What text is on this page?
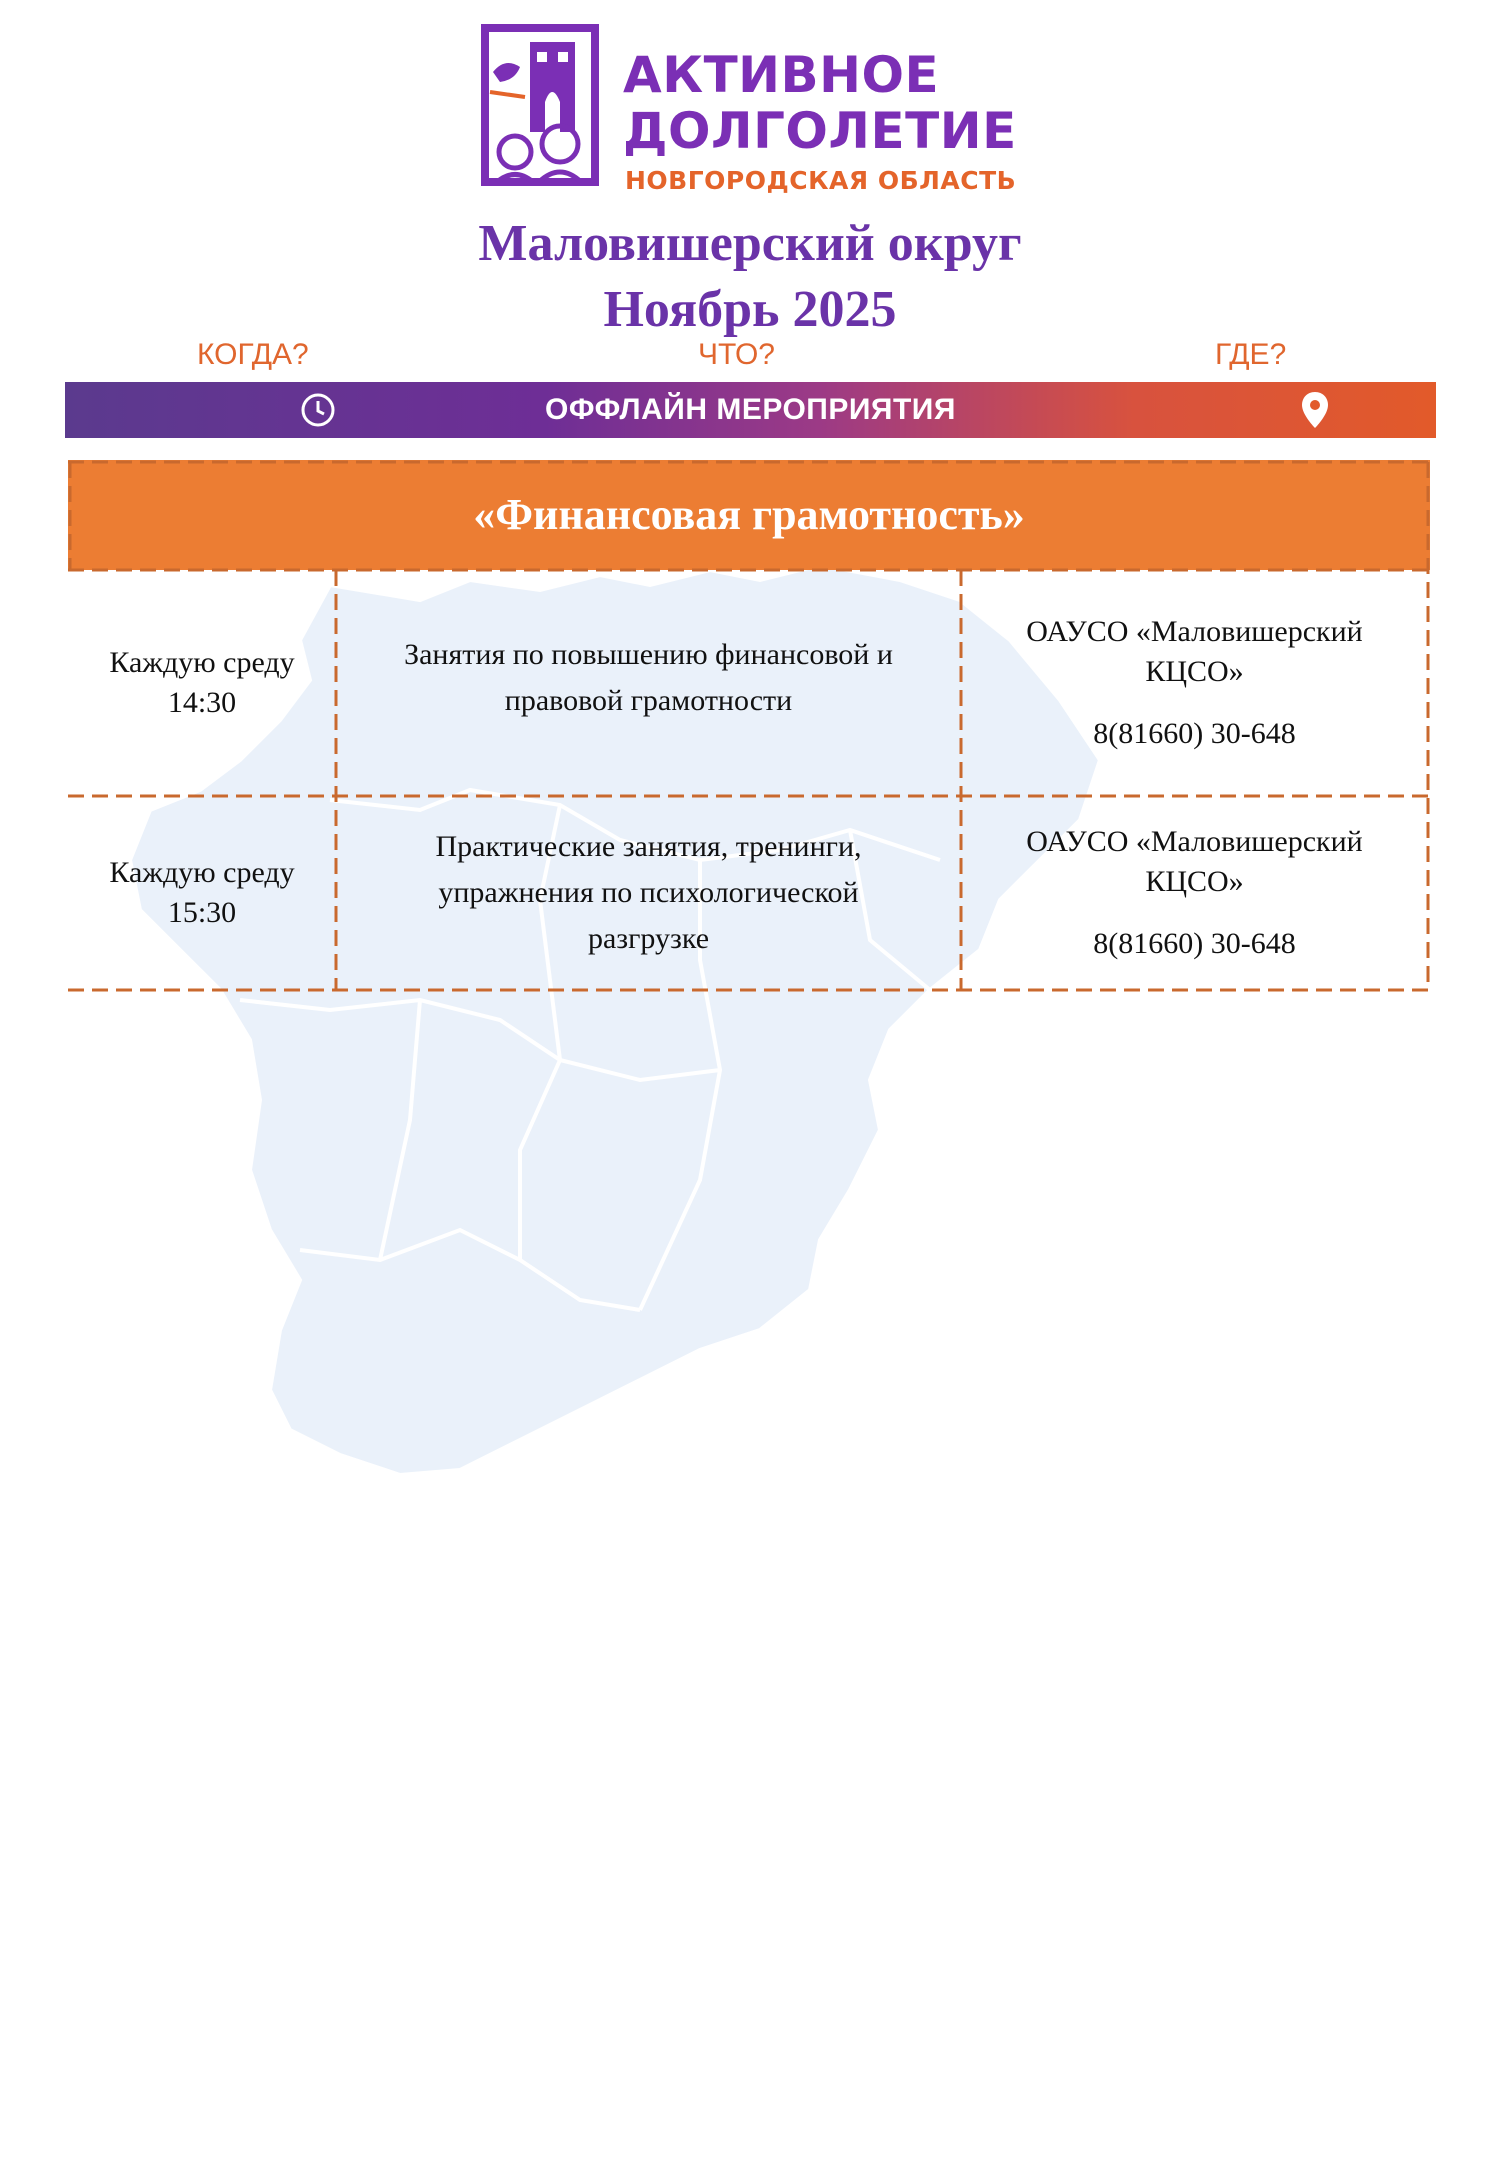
АКТИВНОЕ
ДОЛГОЛЕТИЕ
НОВГОРОДСКАЯ ОБЛАСТЬ
Маловишерский округ
Ноябрь 2025
КОГДА?	ЧТО?	ГДЕ?
ОФФЛАЙН МЕРОПРИЯТИЯ
«Финансовая грамотность»
Каждую среду
14:30
Занятия по повышению финансовой и
правовой грамотности
ОАУСО «Маловишерский
КЦСО»
8(81660) 30-648
Каждую среду
15:30
Практические занятия, тренинги,
упражнения по психологической
разгрузке
ОАУСО «Маловишерский
КЦСО»
8(81660) 30-648
